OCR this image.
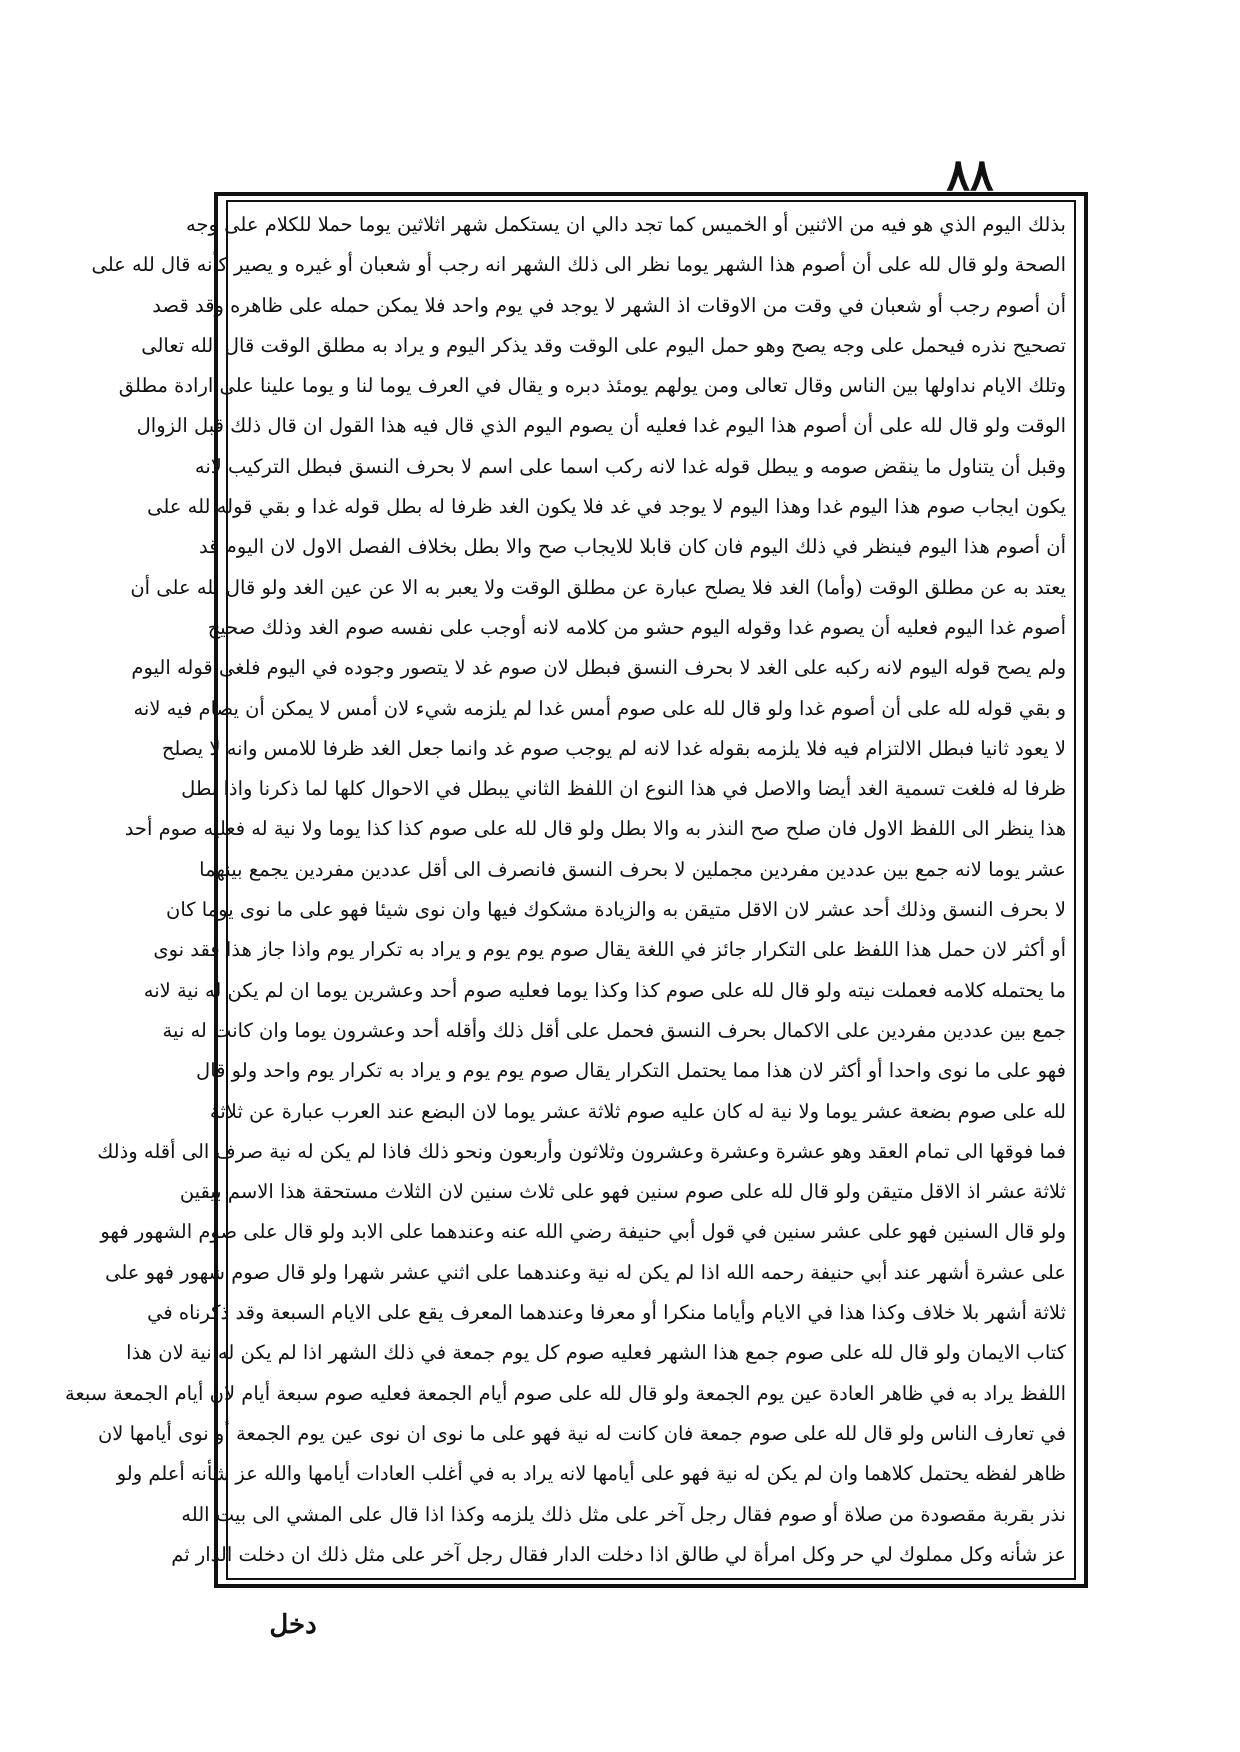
٨٨
بذلك اليوم الذي هو فيه من الاثنين أو الخميس كما تجد دالي ان يستكمل شهر اثلاثين يوما حملا للكلام على وجه
الصحة ولو قال لله على أن أصوم هذا الشهر يوما نظر الى ذلك الشهر انه رجب أو شعبان أو غيره و يصير كأنه قال لله على
أن أصوم رجب أو شعبان في وقت من الاوقات اذ الشهر لا يوجد في يوم واحد فلا يمكن حمله على ظاهره وقد قصد
تصحيح نذره فيحمل على وجه يصح وهو حمل اليوم على الوقت وقد يذكر اليوم و يراد به مطلق الوقت قال الله تعالى
وتلك الايام نداولها بين الناس وقال تعالى ومن يولهم يومئذ دبره و يقال في العرف يوما لنا و يوما علينا على ارادة مطلق
الوقت ولو قال لله على أن أصوم هذا اليوم غدا فعليه أن يصوم اليوم الذي قال فيه هذا القول ان قال ذلك قبل الزوال
وقبل أن يتناول ما ينقض صومه و يبطل قوله غدا لانه ركب اسما على اسم لا بحرف النسق فبطل التركيب لانه
يكون ايجاب صوم هذا اليوم غدا وهذا اليوم لا يوجد في غد فلا يكون الغد ظرفا له بطل قوله غدا و بقي قوله لله على
أن أصوم هذا اليوم فينظر في ذلك اليوم فان كان قابلا للايجاب صح والا بطل بخلاف الفصل الاول لان اليوم قد
يعتد به عن مطلق الوقت (وأما) الغد فلا يصلح عبارة عن مطلق الوقت ولا يعبر به الا عن عين الغد ولو قال لله على أن
أصوم غدا اليوم فعليه أن يصوم غدا وقوله اليوم حشو من كلامه لانه أوجب على نفسه صوم الغد وذلك صحيح
ولم يصح قوله اليوم لانه ركبه على الغد لا بحرف النسق فبطل لان صوم غد لا يتصور وجوده في اليوم فلغى قوله اليوم
و بقي قوله لله على أن أصوم غدا ولو قال لله على صوم أمس غدا لم يلزمه شيء لان أمس لا يمكن أن يصام فيه لانه
لا يعود ثانيا فبطل الالتزام فيه فلا يلزمه بقوله غدا لانه لم يوجب صوم غد وانما جعل الغد ظرفا للامس وانه لا يصلح
ظرفا له فلغت تسمية الغد أيضا والاصل في هذا النوع ان اللفظ الثاني يبطل في الاحوال كلها لما ذكرنا واذا بطل
هذا ينظر الى اللفظ الاول فان صلح صح النذر به والا بطل ولو قال لله على صوم كذا كذا يوما ولا نية له فعليه صوم أحد
عشر يوما لانه جمع بين عددين مفردين مجملين لا بحرف النسق فانصرف الى أقل عددين مفردين يجمع بينهما
لا بحرف النسق وذلك أحد عشر لان الاقل متيقن به والزيادة مشكوك فيها وان نوى شيئا فهو على ما نوى يوما كان
أو أكثر لان حمل هذا اللفظ على التكرار جائز في اللغة يقال صوم يوم يوم و يراد به تكرار يوم واذا جاز هذا فقد نوى
ما يحتمله كلامه فعملت نيته ولو قال لله على صوم كذا وكذا يوما فعليه صوم أحد وعشرين يوما ان لم يكن له نية لانه
جمع بين عددين مفردين على الاكمال بحرف النسق فحمل على أقل ذلك وأقله أحد وعشرون يوما وان كانت له نية
فهو على ما نوى واحدا أو أكثر لان هذا مما يحتمل التكرار يقال صوم يوم يوم و يراد به تكرار يوم واحد ولو قال
لله على صوم بضعة عشر يوما ولا نية له كان عليه صوم ثلاثة عشر يوما لان البضع عند العرب عبارة عن ثلاثة
فما فوقها الى تمام العقد وهو عشرة وعشرة وعشرون وثلاثون وأربعون ونحو ذلك فاذا لم يكن له نية صرف الى أقله وذلك
ثلاثة عشر اذ الاقل متيقن ولو قال لله على صوم سنين فهو على ثلاث سنين لان الثلاث مستحقة هذا الاسم بيقين
ولو قال السنين فهو على عشر سنين في قول أبي حنيفة رضي الله عنه وعندهما على الابد ولو قال على صوم الشهور فهو
على عشرة أشهر عند أبي حنيفة رحمه الله اذا لم يكن له نية وعندهما على اثني عشر شهرا ولو قال صوم شهور فهو على
ثلاثة أشهر بلا خلاف وكذا هذا في الايام وأياما منكرا أو معرفا وعندهما المعرف يقع على الايام السبعة وقد ذكرناه في
كتاب الايمان ولو قال لله على صوم جمع هذا الشهر فعليه صوم كل يوم جمعة في ذلك الشهر اذا لم يكن له نية لان هذا
اللفظ يراد به في ظاهر العادة عين يوم الجمعة ولو قال لله على صوم أيام الجمعة فعليه صوم سبعة أيام لان أيام الجمعة سبعة
في تعارف الناس ولو قال لله على صوم جمعة فان كانت له نية فهو على ما نوى ان نوى عين يوم الجمعة أو نوى أيامها لان
ظاهر لفظه يحتمل كلاهما وان لم يكن له نية فهو على أيامها لانه يراد به في أغلب العادات أيامها والله عز شأنه أعلم ولو
نذر بقربة مقصودة من صلاة أو صوم فقال رجل آخر على مثل ذلك يلزمه وكذا اذا قال على المشي الى بيت الله
عز شأنه وكل مملوك لي حر وكل امرأة لي طالق اذا دخلت الدار فقال رجل آخر على مثل ذلك ان دخلت الدار ثم
دخل
